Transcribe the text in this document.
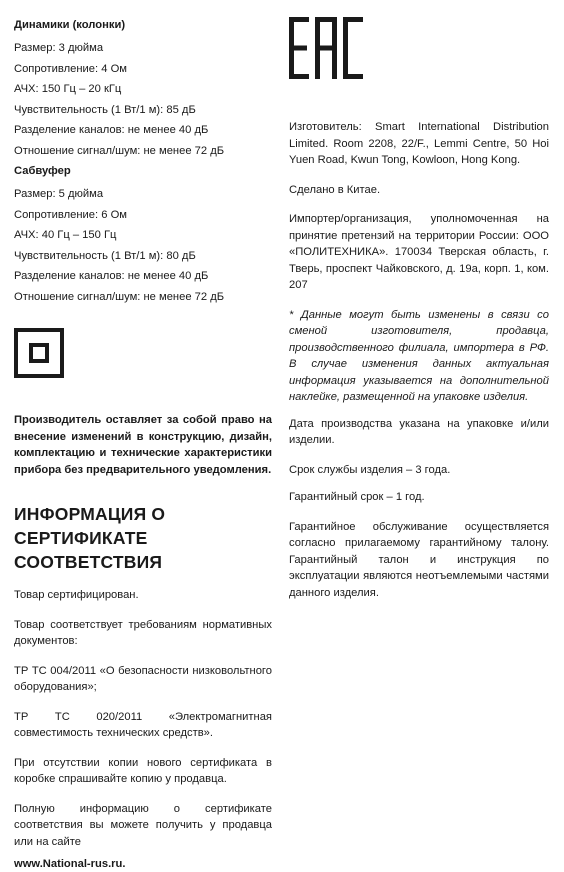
Динамики (колонки)

Размер: 3 дюйма

Сопротивление: 4 Ом

АЧХ: 150 Гц – 20 кГц

Чувствительность (1 Вт/1 м): 85 дБ

Разделение каналов: не менее 40 дБ

Отношение сигнал/шум: не менее 72 дБ

Сабвуфер

Размер: 5 дюйма

Сопротивление: 6 Ом

АЧХ: 40 Гц – 150 Гц

Чувствительность (1 Вт/1 м): 80 дБ

Разделение каналов: не менее 40 дБ

Отношение сигнал/шум: не менее 72 дБ

Производитель оставляет за собой право на внесение изменений в конструкцию, дизайн, комплектацию и технические характеристики прибора без предварительного уведомления.

ИНФОРМАЦИЯ О СЕРТИФИКАТЕ СООТВЕТСТВИЯ

Товар сертифицирован.

Товар соответствует требованиям нормативных документов:

ТР ТС 004/2011 «О безопасности низковольтного оборудования»;

ТР ТС 020/2011 «Электромагнитная совместимость технических средств».

При отсутствии копии нового сертификата в коробке спрашивайте копию у продавца.

Полную информацию о сертификате соответствия вы можете получить у продавца или на сайте

www.National-rus.ru.

Изготовитель: Smart International Distribution Limited. Room 2208, 22/F., Lemmi Centre, 50 Hoi Yuen Road, Kwun Tong, Kowloon, Hong Kong.

Сделано в Китае.

Импортер/организация, уполномоченная на принятие претензий на территории России: ООО «ПОЛИТЕХНИКА». 170034 Тверская область, г. Тверь, проспект Чайковского, д. 19а, корп. 1, ком. 207

* Данные могут быть изменены в связи со сменой изготовителя, продавца, производственного филиала, импортера в РФ. В случае изменения данных актуальная информация указывается на дополнительной наклейке, размещенной на упаковке изделия.

Дата производства указана на упаковке и/или изделии.

Срок службы изделия – 3 года.

Гарантийный срок – 1 год.

Гарантийное обслуживание осуществляется согласно прилагаемому гарантийному талону. Гарантийный талон и инструкция по эксплуатации являются неотъемлемыми частями данного изделия.
